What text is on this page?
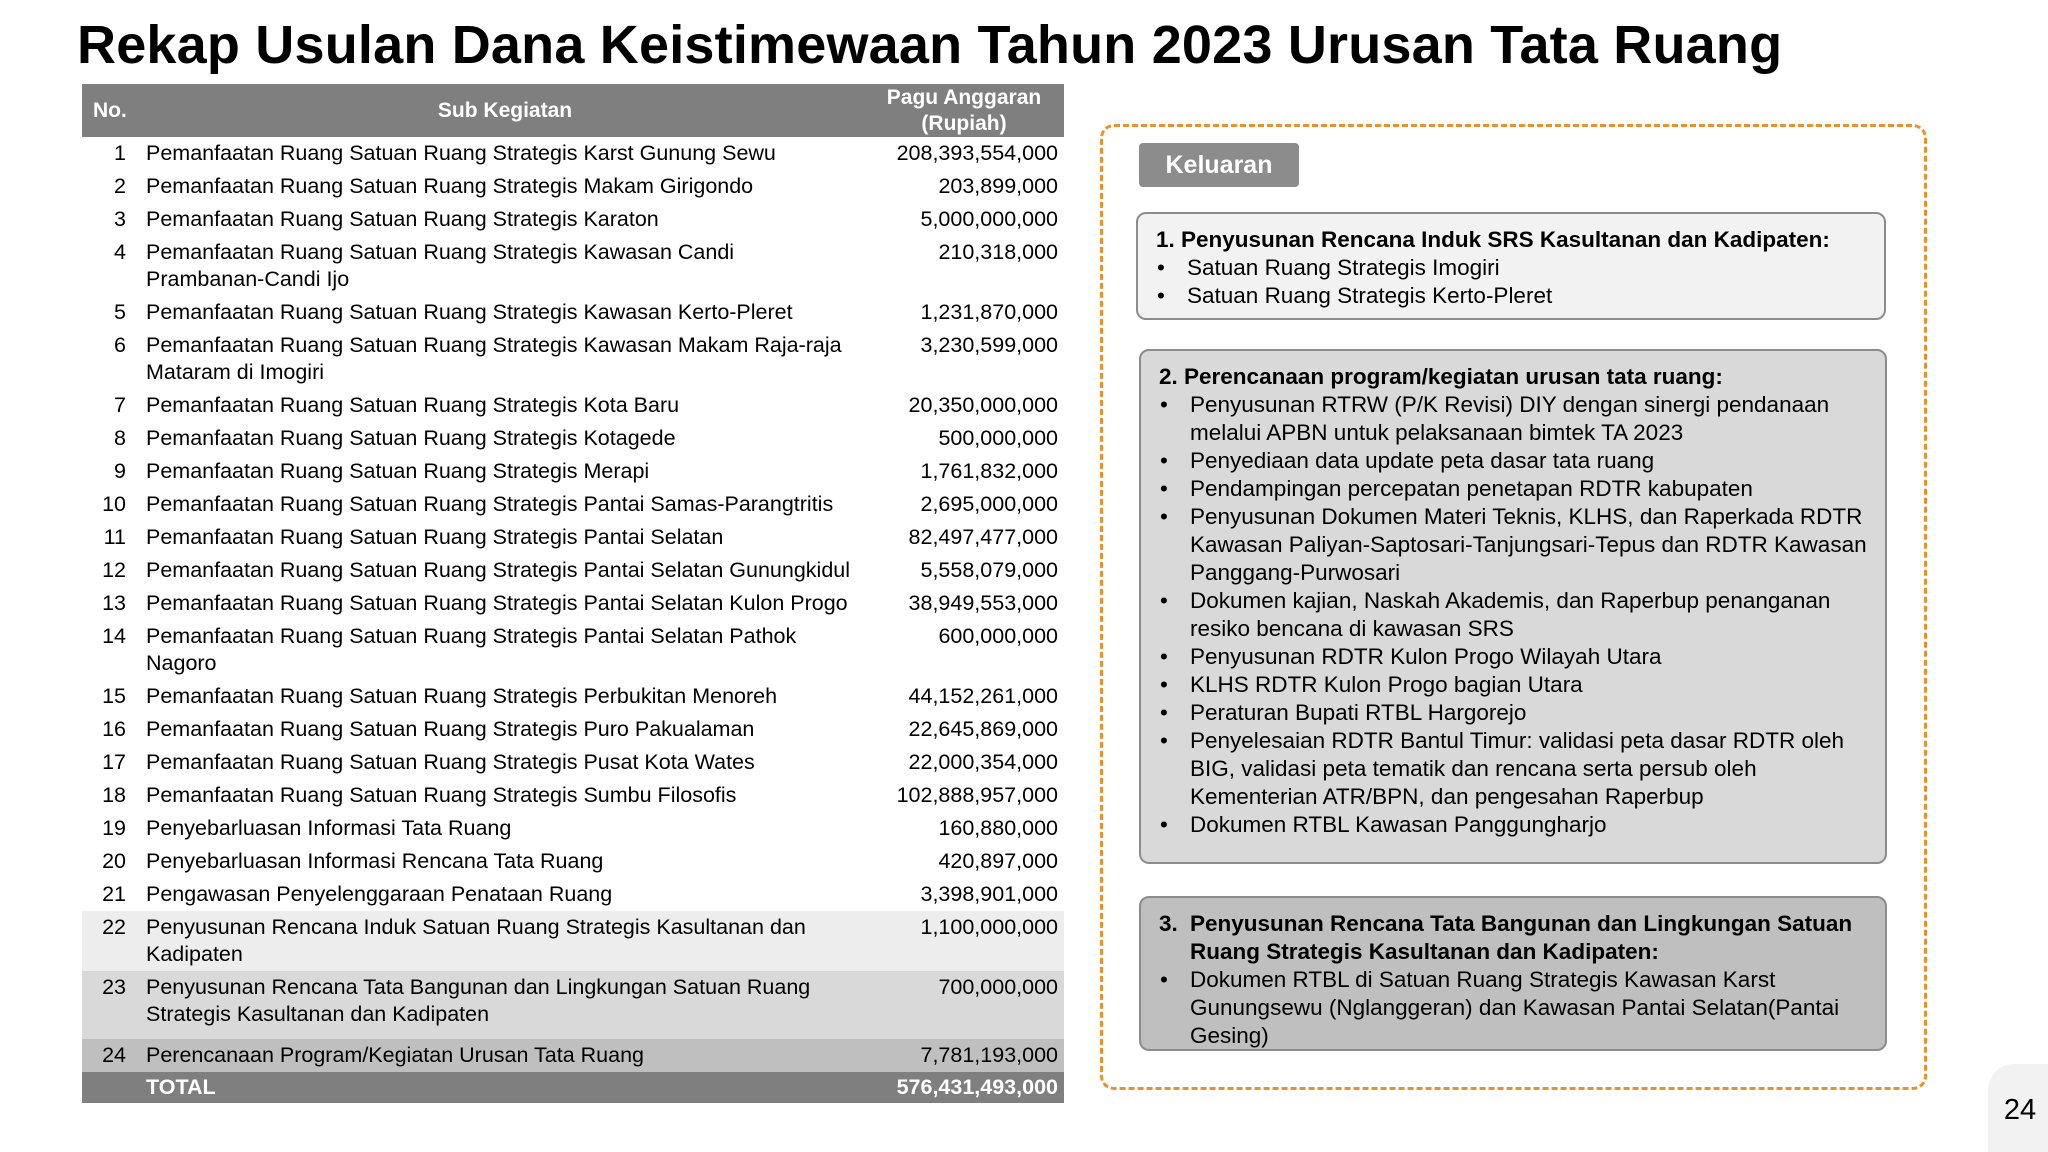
Rekap Usulan Dana Keistimewaan Tahun 2023 Urusan Tata Ruang
No.	Sub Kegiatan	Pagu Anggaran (Rupiah)
1	Pemanfaatan Ruang Satuan Ruang Strategis Karst Gunung Sewu	208,393,554,000
2	Pemanfaatan Ruang Satuan Ruang Strategis Makam Girigondo	203,899,000
3	Pemanfaatan Ruang Satuan Ruang Strategis Karaton	5,000,000,000
4	Pemanfaatan Ruang Satuan Ruang Strategis Kawasan Candi Prambanan-Candi Ijo	210,318,000
5	Pemanfaatan Ruang Satuan Ruang Strategis Kawasan Kerto-Pleret	1,231,870,000
6	Pemanfaatan Ruang Satuan Ruang Strategis Kawasan Makam Raja-raja Mataram di Imogiri	3,230,599,000
7	Pemanfaatan Ruang Satuan Ruang Strategis Kota Baru	20,350,000,000
8	Pemanfaatan Ruang Satuan Ruang Strategis Kotagede	500,000,000
9	Pemanfaatan Ruang Satuan Ruang Strategis Merapi	1,761,832,000
10	Pemanfaatan Ruang Satuan Ruang Strategis Pantai Samas-Parangtritis	2,695,000,000
11	Pemanfaatan Ruang Satuan Ruang Strategis Pantai Selatan	82,497,477,000
12	Pemanfaatan Ruang Satuan Ruang Strategis Pantai Selatan Gunungkidul	5,558,079,000
13	Pemanfaatan Ruang Satuan Ruang Strategis Pantai Selatan Kulon Progo	38,949,553,000
14	Pemanfaatan Ruang Satuan Ruang Strategis Pantai Selatan Pathok Nagoro	600,000,000
15	Pemanfaatan Ruang Satuan Ruang Strategis Perbukitan Menoreh	44,152,261,000
16	Pemanfaatan Ruang Satuan Ruang Strategis Puro Pakualaman	22,645,869,000
17	Pemanfaatan Ruang Satuan Ruang Strategis Pusat Kota Wates	22,000,354,000
18	Pemanfaatan Ruang Satuan Ruang Strategis Sumbu Filosofis	102,888,957,000
19	Penyebarluasan Informasi Tata Ruang	160,880,000
20	Penyebarluasan Informasi Rencana Tata Ruang	420,897,000
21	Pengawasan Penyelenggaraan Penataan Ruang	3,398,901,000
22	Penyusunan Rencana Induk Satuan Ruang Strategis Kasultanan dan Kadipaten	1,100,000,000
23	Penyusunan Rencana Tata Bangunan dan Lingkungan Satuan Ruang Strategis Kasultanan dan Kadipaten	700,000,000

24	Perencanaan Program/Kegiatan Urusan Tata Ruang	7,781,193,000
	TOTAL	576,431,493,000
Keluaran
1. Penyusunan Rencana Induk SRS Kasultanan dan Kadipaten:
• Satuan Ruang Strategis Imogiri
• Satuan Ruang Strategis Kerto-Pleret
2. Perencanaan program/kegiatan urusan tata ruang:
• Penyusunan RTRW (P/K Revisi) DIY dengan sinergi pendanaan melalui APBN untuk pelaksanaan bimtek TA 2023
• Penyediaan data update peta dasar tata ruang
• Pendampingan percepatan penetapan RDTR kabupaten
• Penyusunan Dokumen Materi Teknis, KLHS, dan Raperkada RDTR Kawasan Paliyan-Saptosari-Tanjungsari-Tepus dan RDTR Kawasan Panggang-Purwosari
• Dokumen kajian, Naskah Akademis, dan Raperbup penanganan resiko bencana di kawasan SRS
• Penyusunan RDTR Kulon Progo Wilayah Utara
• KLHS RDTR Kulon Progo bagian Utara
• Peraturan Bupati RTBL Hargorejo
• Penyelesaian RDTR Bantul Timur: validasi peta dasar RDTR oleh BIG, validasi peta tematik dan rencana serta persub oleh Kementerian ATR/BPN, dan pengesahan Raperbup
• Dokumen RTBL Kawasan Panggungharjo
3. Penyusunan Rencana Tata Bangunan dan Lingkungan Satuan Ruang Strategis Kasultanan dan Kadipaten:
• Dokumen RTBL di Satuan Ruang Strategis Kawasan Karst Gunungsewu (Nglanggeran) dan Kawasan Pantai Selatan(Pantai Gesing)
24
